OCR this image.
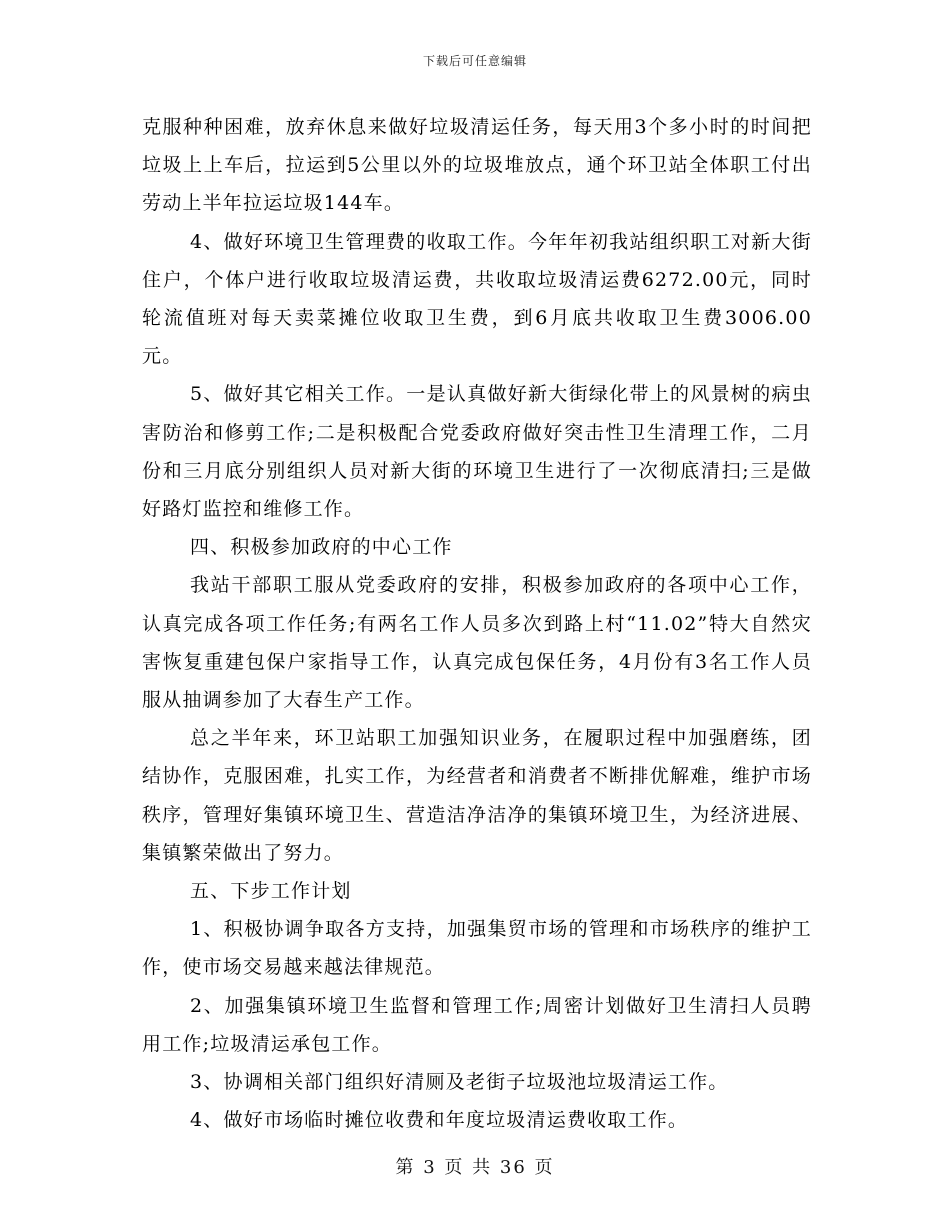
下载后可任意编辑

克服种种困难，放弃休息来做好垃圾清运任务，每天用3个多小时的时间把垃圾上上车后，拉运到5公里以外的垃圾堆放点，通个环卫站全体职工付出劳动上半年拉运垃圾144车。

4、做好环境卫生管理费的收取工作。今年年初我站组织职工对新大街住户，个体户进行收取垃圾清运费，共收取垃圾清运费6272.00元，同时轮流值班对每天卖菜摊位收取卫生费，到6月底共收取卫生费3006.00 元。

5、做好其它相关工作。一是认真做好新大街绿化带上的风景树的病虫害防治和修剪工作;二是积极配合党委政府做好突击性卫生清理工作，二月份和三月底分别组织人员对新大街的环境卫生进行了一次彻底清扫;三是做好路灯监控和维修工作。

四、积极参加政府的中心工作

我站干部职工服从党委政府的安排，积极参加政府的各项中心工作，认真完成各项工作任务;有两名工作人员多次到路上村“11.02”特大自然灾害恢复重建包保户家指导工作，认真完成包保任务，4月份有3名工作人员服从抽调参加了大春生产工作。

总之半年来，环卫站职工加强知识业务，在履职过程中加强磨练，团结协作，克服困难，扎实工作，为经营者和消费者不断排优解难，维护市场秩序，管理好集镇环境卫生、营造洁净洁净的集镇环境卫生，为经济进展、集镇繁荣做出了努力。

五、下步工作计划

1、积极协调争取各方支持，加强集贸市场的管理和市场秩序的维护工作，使市场交易越来越法律规范。

2、加强集镇环境卫生监督和管理工作;周密计划做好卫生清扫人员聘用工作;垃圾清运承包工作。

3、协调相关部门组织好清厕及老街子垃圾池垃圾清运工作。

4、做好市场临时摊位收费和年度垃圾清运费收取工作。

第 3 页 共 36 页
